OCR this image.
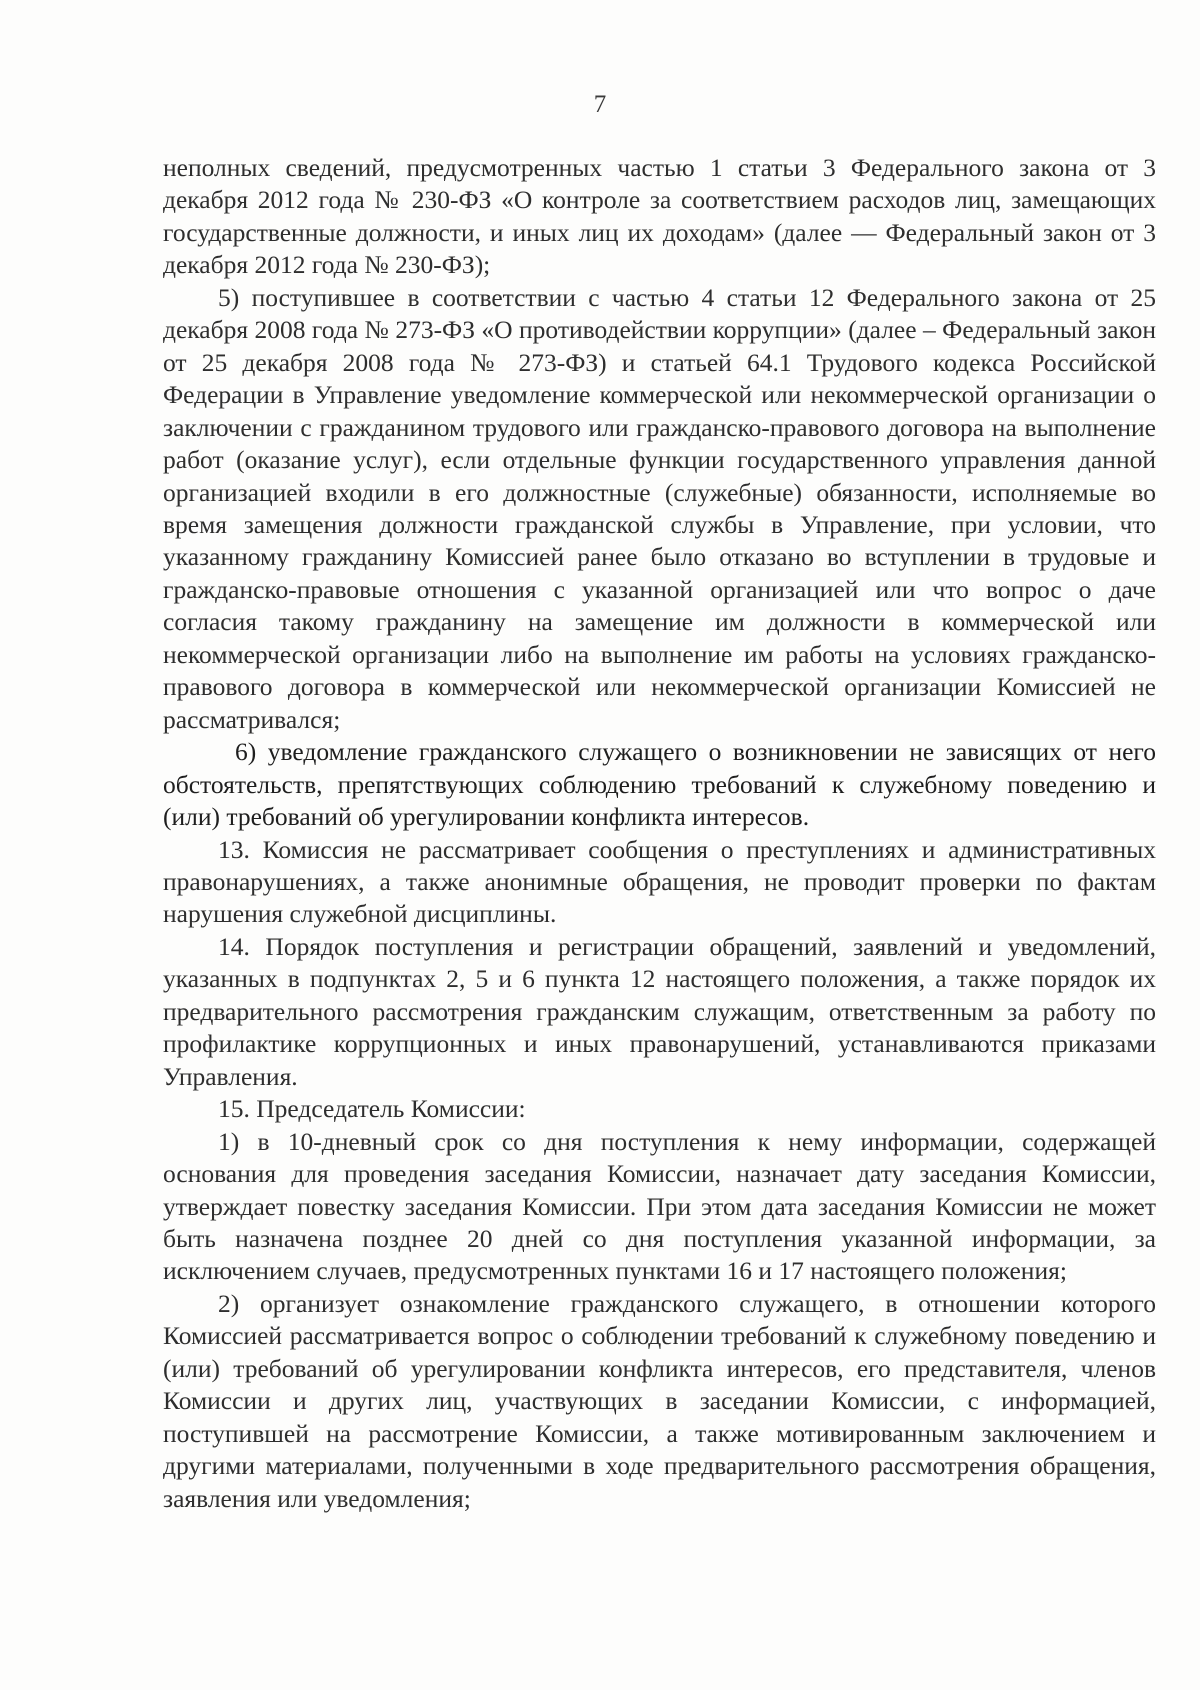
7

неполных сведений, предусмотренных частью 1 статьи 3 Федерального закона от 3 декабря 2012 года № 230-ФЗ «О контроле за соответствием расходов лиц, замещающих государственные должности, и иных лиц их доходам» (далее — Федеральный закон от 3 декабря 2012 года № 230-ФЗ);

5) поступившее в соответствии с частью 4 статьи 12 Федерального закона от 25 декабря 2008 года № 273-ФЗ «О противодействии коррупции» (далее – Федеральный закон от 25 декабря 2008 года № 273-ФЗ) и статьей 64.1 Трудового кодекса Российской Федерации в Управление уведомление коммерческой или некоммерческой организации о заключении с гражданином трудового или гражданско-правового договора на выполнение работ (оказание услуг), если отдельные функции государственного управления данной организацией входили в его должностные (служебные) обязанности, исполняемые во время замещения должности гражданской службы в Управление, при условии, что указанному гражданину Комиссией ранее было отказано во вступлении в трудовые и гражданско-правовые отношения с указанной организацией или что вопрос о даче согласия такому гражданину на замещение им должности в коммерческой или некоммерческой организации либо на выполнение им работы на условиях гражданско-правового договора в коммерческой или некоммерческой организации Комиссией не рассматривался;

6) уведомление гражданского служащего о возникновении не зависящих от него обстоятельств, препятствующих соблюдению требований к служебному поведению и (или) требований об урегулировании конфликта интересов.

13. Комиссия не рассматривает сообщения о преступлениях и административных правонарушениях, а также анонимные обращения, не проводит проверки по фактам нарушения служебной дисциплины.

14. Порядок поступления и регистрации обращений, заявлений и уведомлений, указанных в подпунктах 2, 5 и 6 пункта 12 настоящего положения, а также порядок их предварительного рассмотрения гражданским служащим, ответственным за работу по профилактике коррупционных и иных правонарушений, устанавливаются приказами Управления.

15. Председатель Комиссии:

1) в 10-дневный срок со дня поступления к нему информации, содержащей основания для проведения заседания Комиссии, назначает дату заседания Комиссии, утверждает повестку заседания Комиссии. При этом дата заседания Комиссии не может быть назначена позднее 20 дней со дня поступления указанной информации, за исключением случаев, предусмотренных пунктами 16 и 17 настоящего положения;

2) организует ознакомление гражданского служащего, в отношении которого Комиссией рассматривается вопрос о соблюдении требований к служебному поведению и (или) требований об урегулировании конфликта интересов, его представителя, членов Комиссии и других лиц, участвующих в заседании Комиссии, с информацией, поступившей на рассмотрение Комиссии, а также мотивированным заключением и другими материалами, полученными в ходе предварительного рассмотрения обращения, заявления или уведомления;
